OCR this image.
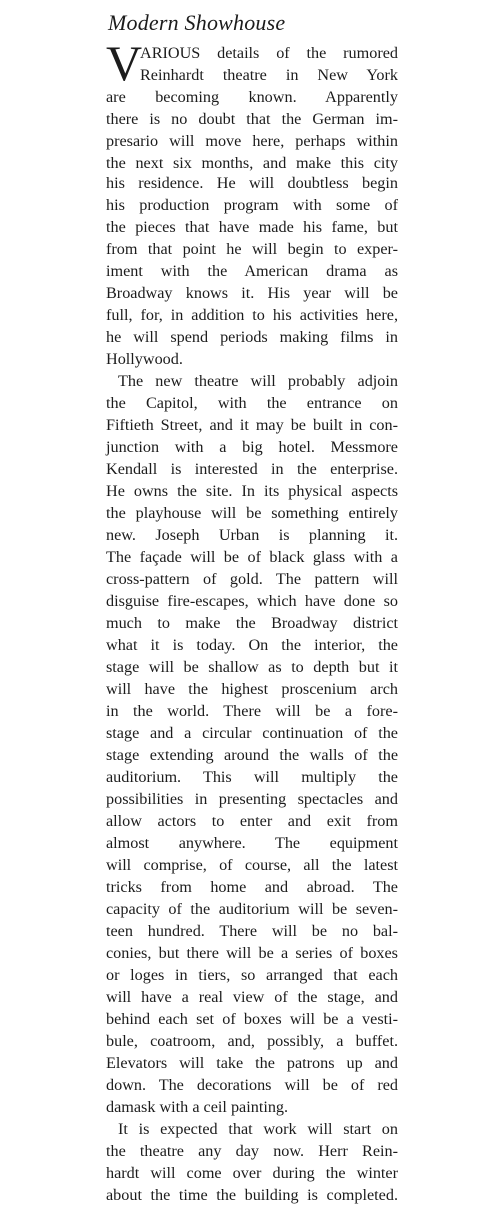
Modern Showhouse
V
ARIOUS details of the rumored
Reinhardt theatre in New York
are becoming known. Apparently
there is no doubt that the German im-
presario will move here, perhaps within
the next six months, and make this city
his residence. He will doubtless begin
his production program with some of
the pieces that have made his fame, but
from that point he will begin to exper-
iment with the American drama as
Broadway knows it. His year will be
full, for, in addition to his activities here,
he will spend periods making films in
Hollywood.
The new theatre will probably adjoin
the Capitol, with the entrance on
Fiftieth Street, and it may be built in con-
junction with a big hotel. Messmore
Kendall is interested in the enterprise.
He owns the site. In its physical aspects
the playhouse will be something entirely
new. Joseph Urban is planning it.
The façade will be of black glass with a
cross-pattern of gold. The pattern will
disguise fire-escapes, which have done so
much to make the Broadway district
what it is today. On the interior, the
stage will be shallow as to depth but it
will have the highest proscenium arch
in the world. There will be a fore-
stage and a circular continuation of the
stage extending around the walls of the
auditorium. This will multiply the
possibilities in presenting spectacles and
allow actors to enter and exit from
almost anywhere. The equipment
will comprise, of course, all the latest
tricks from home and abroad. The
capacity of the auditorium will be seven-
teen hundred. There will be no bal-
conies, but there will be a series of boxes
or loges in tiers, so arranged that each
will have a real view of the stage, and
behind each set of boxes will be a vesti-
bule, coatroom, and, possibly, a buffet.
Elevators will take the patrons up and
down. The decorations will be of red
damask with a ceil painting.
It is expected that work will start on
the theatre any day now. Herr Rein-
hardt will come over during the winter
about the time the building is completed.
